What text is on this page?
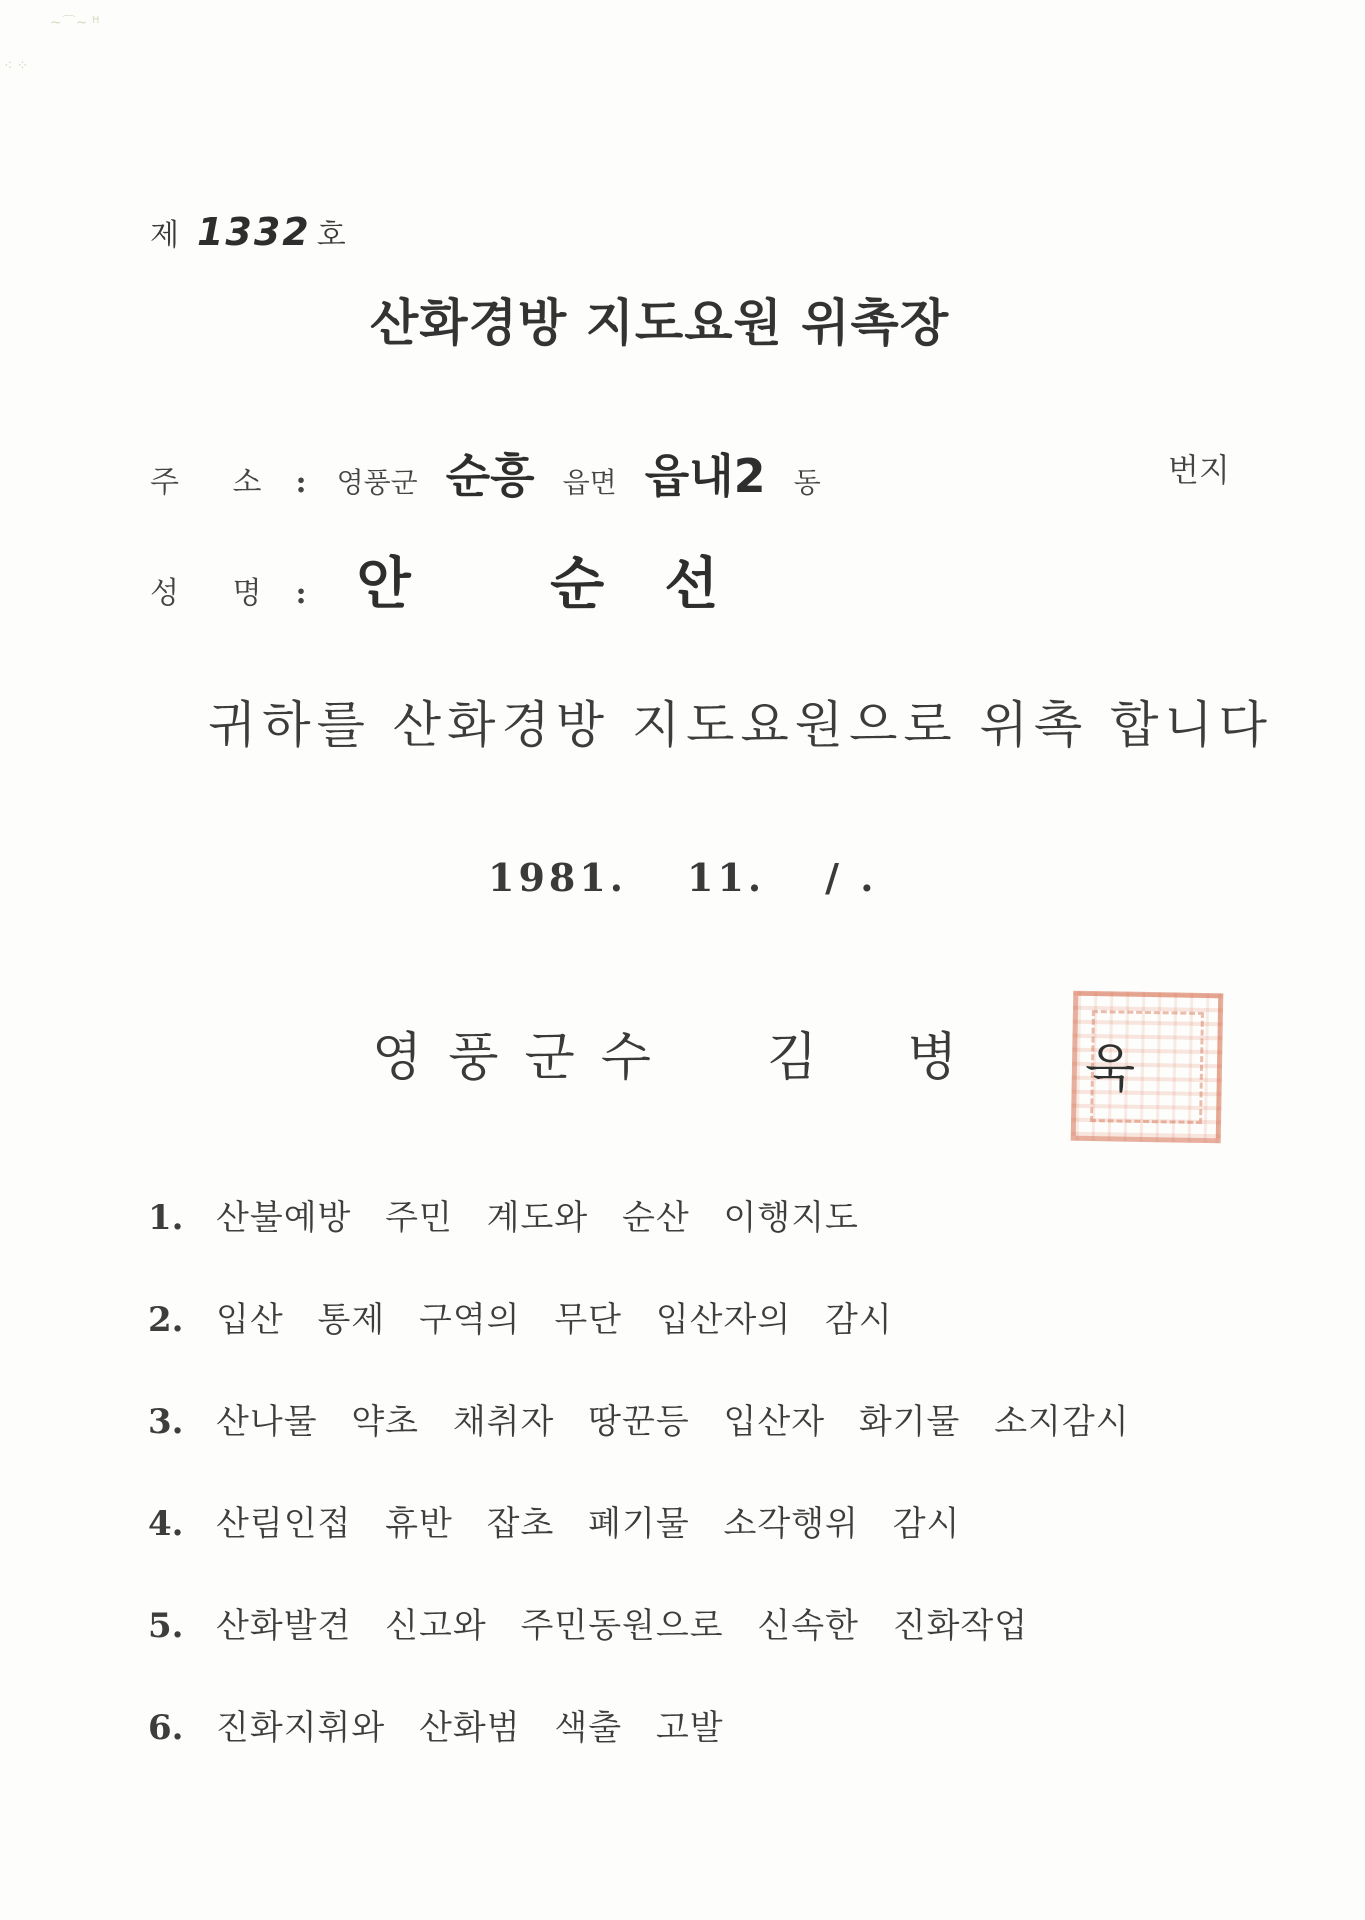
~⌒~ ꟸ
⁖ ⁘
제 1332 호
산화경방 지도요원 위촉장
주 소 : 영풍군 순흥 읍면 읍내2 동	번지
성 명 : 안 순선
귀하를 산화경방 지도요원으로 위촉 합니다
1981. 11. / .
영풍군수 김 병 욱
1. 산불예방 주민 계도와 순산 이행지도
2. 입산 통제 구역의 무단 입산자의 감시
3. 산나물 약초 채취자 땅꾼등 입산자 화기물 소지감시
4. 산림인접 휴반 잡초 폐기물 소각행위 감시
5. 산화발견 신고와 주민동원으로 신속한 진화작업
6. 진화지휘와 산화범 색출 고발
